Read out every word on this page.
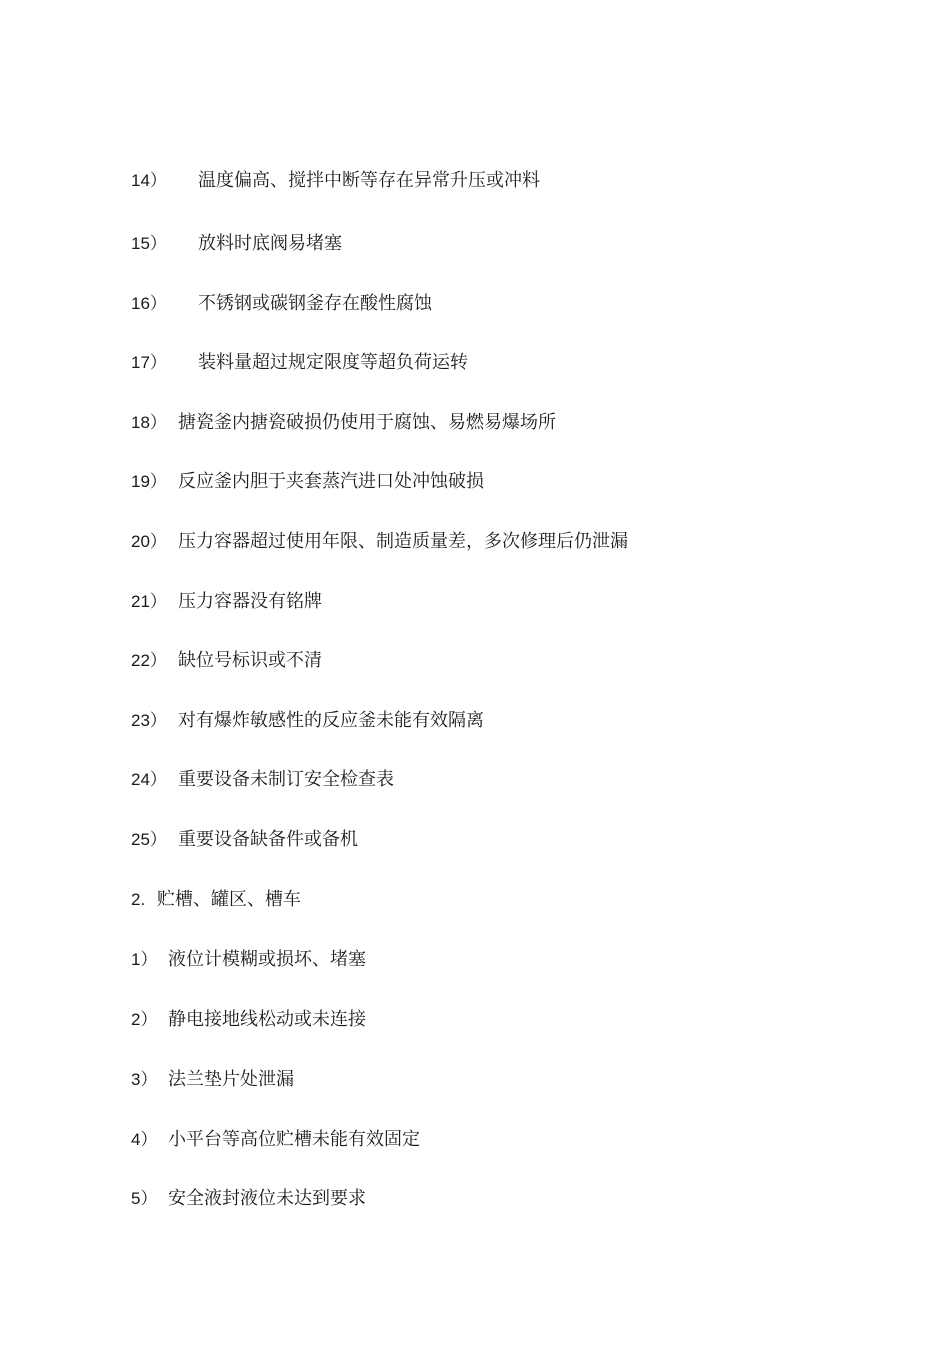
14） 温度偏高、搅拌中断等存在异常升压或冲料
15） 放料时底阀易堵塞
16） 不锈钢或碳钢釜存在酸性腐蚀
17） 装料量超过规定限度等超负荷运转
18） 搪瓷釜内搪瓷破损仍使用于腐蚀、易燃易爆场所
19） 反应釜内胆于夹套蒸汽进口处冲蚀破损
20） 压力容器超过使用年限、制造质量差，多次修理后仍泄漏
21） 压力容器没有铭牌
22） 缺位号标识或不清
23） 对有爆炸敏感性的反应釜未能有效隔离
24） 重要设备未制订安全检查表
25） 重要设备缺备件或备机
2. 贮槽、罐区、槽车
1） 液位计模糊或损坏、堵塞
2） 静电接地线松动或未连接
3） 法兰垫片处泄漏
4） 小平台等高位贮槽未能有效固定
5） 安全液封液位未达到要求
